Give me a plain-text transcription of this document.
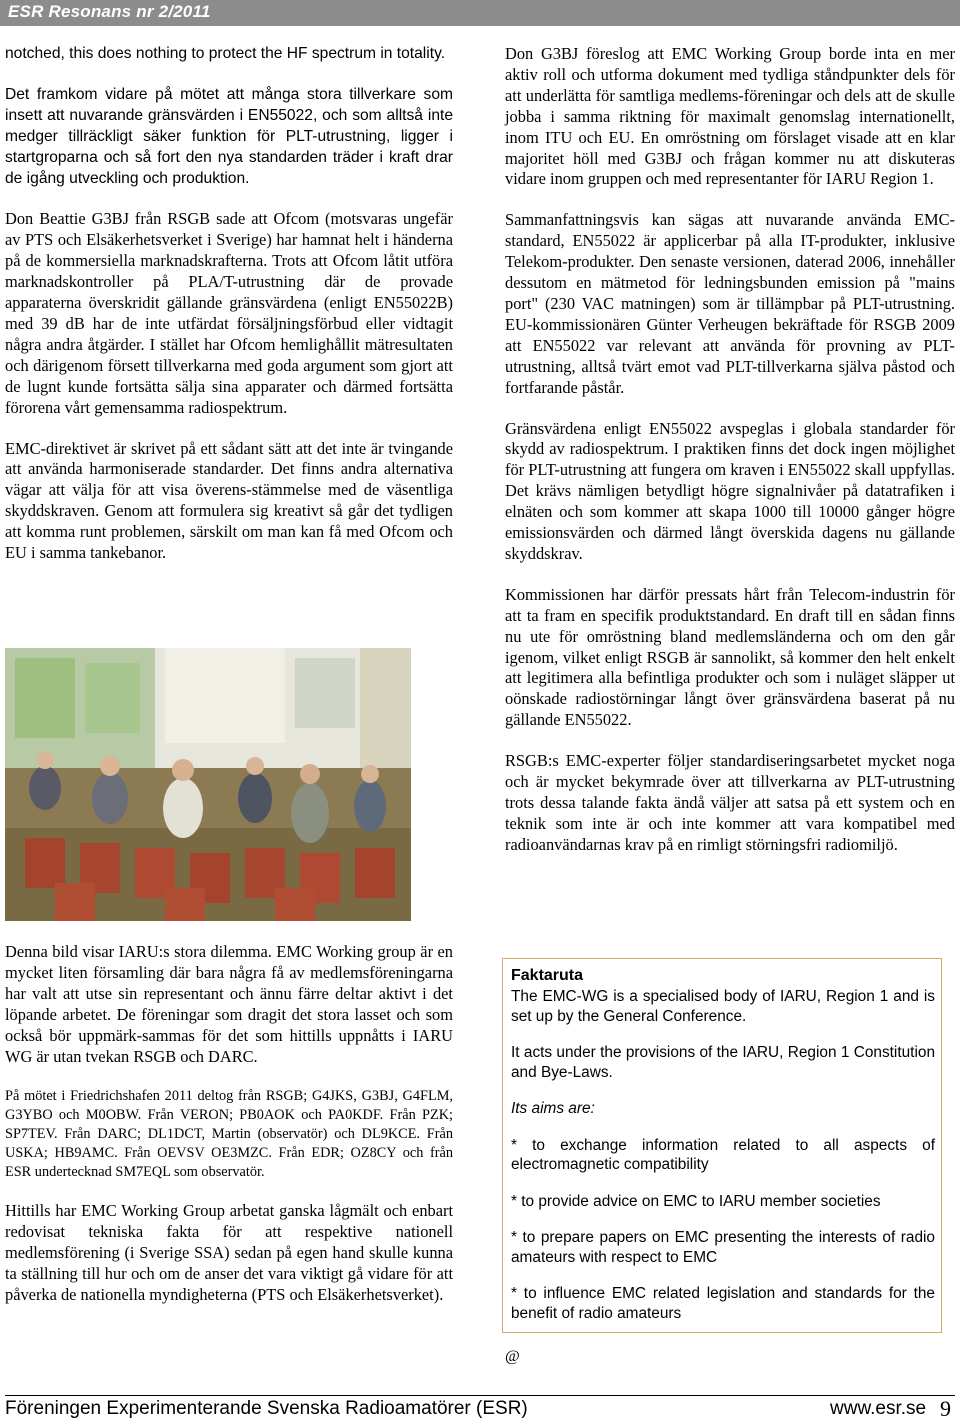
ESR Resonans nr 2/2011

notched, this does nothing to protect the HF spectrum in totality.

Det framkom vidare på mötet att många stora tillverkare som insett att nuvarande gränsvärden i EN55022, och som alltså inte medger tillräckligt säker funktion för PLT-utrustning, ligger i startgroparna och så fort den nya standarden träder i kraft drar de igång utveckling och produktion.

Don Beattie G3BJ från RSGB sade att Ofcom (motsvaras ungefär av PTS och Elsäkerhetsverket i Sverige) har hamnat helt i händerna på de kommersiella marknadskrafterna. Trots att Ofcom låtit utföra marknadskontroller på PLA/T-utrustning där de provade apparaterna överskridit gällande gränsvärdena (enligt EN55022B) med 39 dB har de inte utfärdat försäljningsförbud eller vidtagit några andra åtgärder. I stället har Ofcom hemlighållit mätresultaten och därigenom försett tillverkarna med goda argument som gjort att de lugnt kunde fortsätta sälja sina apparater och därmed fortsätta förorena vårt gemensamma radiospektrum.

EMC-direktivet är skrivet på ett sådant sätt att det inte är tvingande att använda harmoniserade standarder. Det finns andra alternativa vägar att välja för att visa överens-stämmelse med de väsentliga skyddskraven. Genom att formulera sig kreativt så går det tydligen att komma runt problemen, särskilt om man kan få med Ofcom och EU i samma tankebanor.

Denna bild visar IARU:s stora dilemma. EMC Working group är en mycket liten församling där bara några få av medlemsföreningarna har valt att utse sin representant och ännu färre deltar aktivt i det löpande arbetet. De föreningar som dragit det stora lasset och som också bör uppmärk-sammas för det som hittills uppnåtts i IARU WG är utan tvekan RSGB och DARC.

På mötet i Friedrichshafen 2011 deltog från RSGB; G4JKS, G3BJ, G4FLM, G3YBO och M0OBW. Från VERON; PB0AOK och PA0KDF. Från PZK; SP7TEV. Från DARC; DL1DCT, Martin (observatör) och DL9KCE. Från USKA; HB9AMC. Från OEVSV OE3MZC. Från EDR; OZ8CY och från ESR undertecknad SM7EQL som observatör.

Hittills har EMC Working Group arbetat ganska lågmält och enbart redovisat tekniska fakta för att respektive nationell medlemsförening (i Sverige SSA) sedan på egen hand skulle kunna ta ställning till hur och om de anser det vara viktigt gå vidare för att påverka de nationella myndigheterna (PTS och Elsäkerhetsverket).

Don G3BJ föreslog att EMC Working Group borde inta en mer aktiv roll och utforma dokument med tydliga ståndpunkter dels för att underlätta för samtliga medlems-föreningar och dels att de skulle jobba i samma riktning för maximalt genomslag internationellt, inom ITU och EU. En omröstning om förslaget visade att en klar majoritet höll med G3BJ och frågan kommer nu att diskuteras vidare inom gruppen och med representanter för IARU Region 1.

Sammanfattningsvis kan sägas att nuvarande använda EMC-standard, EN55022 är applicerbar på alla IT-produkter, inklusive Telekom-produkter. Den senaste versionen, daterad 2006, innehåller dessutom en mätmetod för ledningsbunden emission på "mains port" (230 VAC matningen) som är tillämpbar på PLT-utrustning. EU-kommissionären Günter Verheugen bekräftade för RSGB 2009 att EN55022 var relevant att använda för provning av PLT-utrustning, alltså tvärt emot vad PLT-tillverkarna själva påstod och fortfarande påstår.

Gränsvärdena enligt EN55022 avspeglas i globala standarder för skydd av radiospektrum. I praktiken finns det dock ingen möjlighet för PLT-utrustning att fungera om kraven i EN55022 skall uppfyllas. Det krävs nämligen betydligt högre signalnivåer på datatrafiken i elnäten och som kommer att skapa 1000 till 10000 gånger högre emissionsvärden och därmed långt överskida dagens nu gällande skyddskrav.

Kommissionen har därför pressats hårt från Telecom-industrin för att ta fram en specifik produktstandard. En draft till en sådan finns nu ute för omröstning bland medlemsländerna och om den går igenom, vilket enligt RSGB är sannolikt, så kommer den helt enkelt att legitimera alla befintliga produkter och som i nuläget släpper ut oönskade radiostörningar långt över gränsvärdena baserat på nu gällande EN55022.

RSGB:s EMC-experter följer standardiseringsarbetet mycket noga och är mycket bekymrade över att tillverkarna av PLT-utrustning trots dessa talande fakta ändå väljer att satsa på ett system och en teknik som inte är och inte kommer att vara kompatibel med radioanvändarnas krav på en rimligt störningsfri radiomiljö.

Faktaruta

The EMC-WG is a specialised body of IARU, Region 1 and is set up by the General Conference.

It acts under the provisions of the IARU, Region 1 Constitution and Bye-Laws.

Its aims are:

* to exchange information related to all aspects of electromagnetic compatibility

* to provide advice on EMC to IARU member societies

* to prepare papers on EMC presenting the interests of radio amateurs with respect to EMC

* to influence EMC related legislation and standards for the benefit of radio amateurs

@
Föreningen Experimenterande Svenska Radioamatörer (ESR)	www.esr.se 9
